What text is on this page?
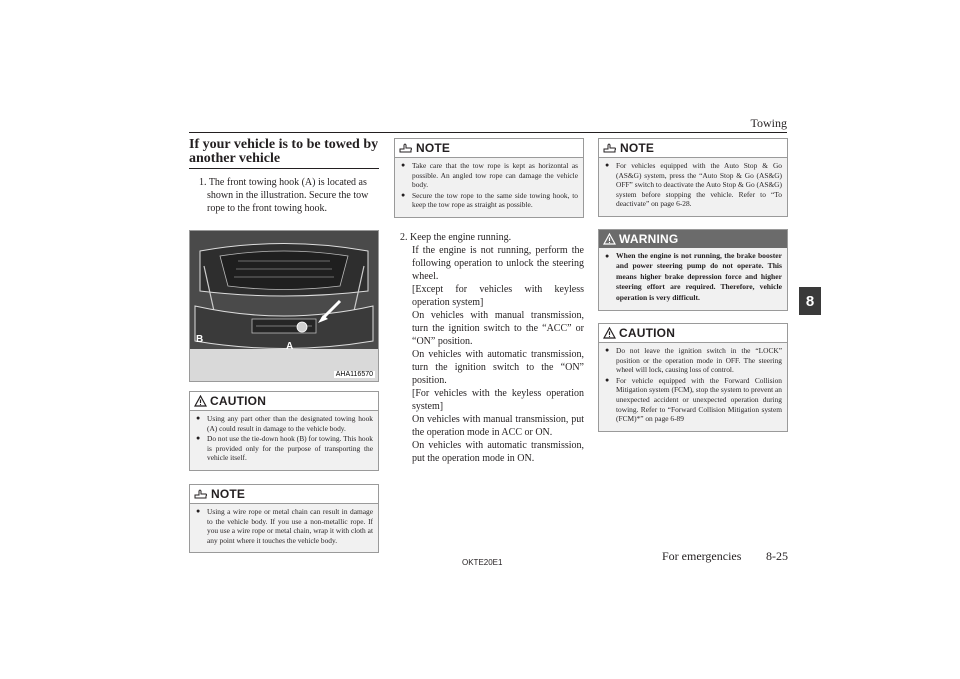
Towing
8
If your vehicle is to be towed by another vehicle
1. The front towing hook (A) is located as
shown in the illustration. Secure the tow
rope to the front towing hook.
B
A
AHA116570
CAUTION
● Using any part other than the designated towing hook (A) could result in damage to the vehicle body.
● Do not use the tie-down hook (B) for towing. This hook is provided only for the purpose of transporting the vehicle itself.
NOTE
● Using a wire rope or metal chain can result in damage to the vehicle body. If you use a non-metallic rope. If you use a wire rope or metal chain, wrap it with cloth at any point where it touches the vehicle body.
NOTE
● Take care that the tow rope is kept as horizontal as possible. An angled tow rope can damage the vehicle body.
● Secure the tow rope to the same side towing hook, to keep the tow rope as straight as possible.
2. Keep the engine running.
If the engine is not running, perform the following operation to unlock the steering wheel.
[Except for vehicles with keyless operation system]
On vehicles with manual transmission, turn the ignition switch to the “ACC” or “ON” position.
On vehicles with automatic transmission, turn the ignition switch to the “ON” position.
[For vehicles with the keyless operation system]
On vehicles with manual transmission, put the operation mode in ACC or ON.
On vehicles with automatic transmission, put the operation mode in ON.
NOTE
● For vehicles equipped with the Auto Stop & Go (AS&G) system, press the “Auto Stop & Go (AS&G) OFF” switch to deactivate the Auto Stop & Go (AS&G) system before stopping the vehicle. Refer to “To deactivate” on page 6-28.
WARNING
● When the engine is not running, the brake booster and power steering pump do not operate. This means higher brake depression force and higher steering effort are required. Therefore, vehicle operation is very difficult.
CAUTION
● Do not leave the ignition switch in the “LOCK” position or the operation mode in OFF. The steering wheel will lock, causing loss of control.
● For vehicle equipped with the Forward Collision Mitigation system (FCM), stop the system to prevent an unexpected accident or unexpected operation during towing. Refer to “Forward Collision Mitigation system (FCM)*” on page 6-89
OKTE20E1	For emergencies 8-25
